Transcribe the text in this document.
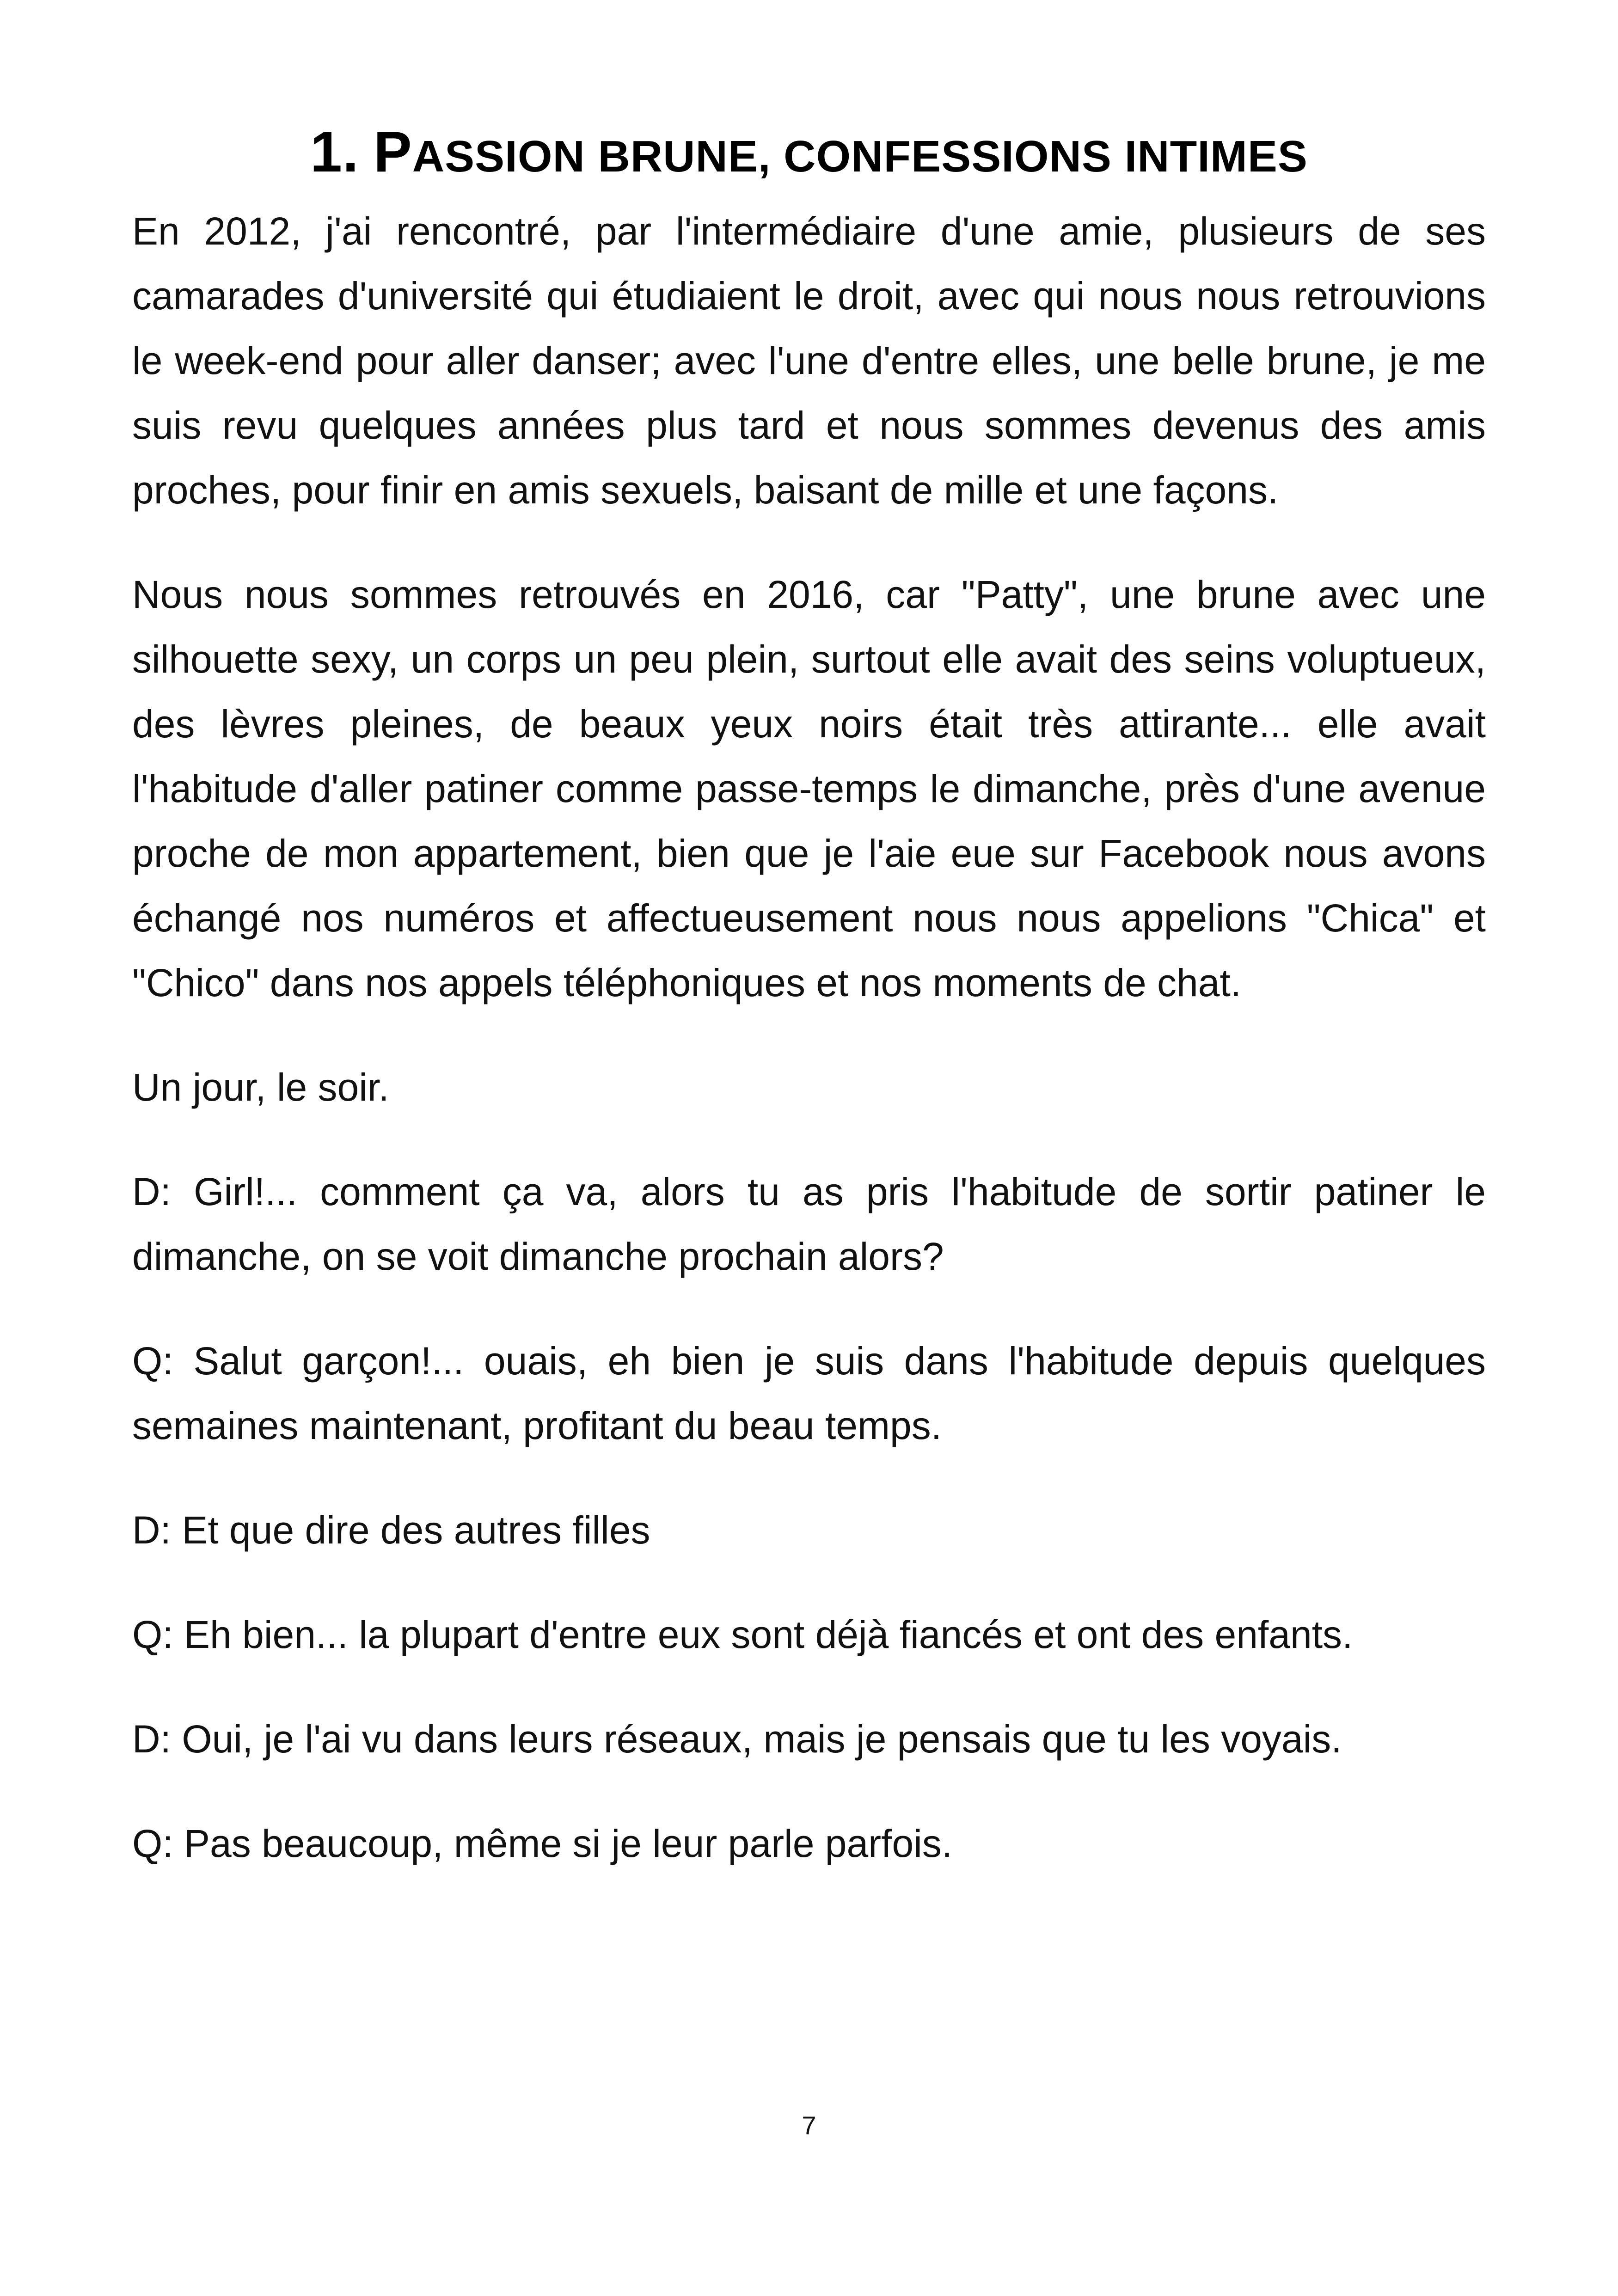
1. PASSION BRUNE, CONFESSIONS INTIMES

En 2012, j'ai rencontré, par l'intermédiaire d'une amie, plusieurs de ses camarades d'université qui étudiaient le droit, avec qui nous nous retrouvions le week-end pour aller danser; avec l'une d'entre elles, une belle brune, je me suis revu quelques années plus tard et nous sommes devenus des amis proches, pour finir en amis sexuels, baisant de mille et une façons.

Nous nous sommes retrouvés en 2016, car "Patty", une brune avec une silhouette sexy, un corps un peu plein, surtout elle avait des seins voluptueux, des lèvres pleines, de beaux yeux noirs était très attirante... elle avait l'habitude d'aller patiner comme passe-temps le dimanche, près d'une avenue proche de mon appartement, bien que je l'aie eue sur Facebook nous avons échangé nos numéros et affectueusement nous nous appelions "Chica" et "Chico" dans nos appels téléphoniques et nos moments de chat.

Un jour, le soir.

D: Girl!... comment ça va, alors tu as pris l'habitude de sortir patiner le dimanche, on se voit dimanche prochain alors?

Q: Salut garçon!... ouais, eh bien je suis dans l'habitude depuis quelques semaines maintenant, profitant du beau temps.

D: Et que dire des autres filles

Q: Eh bien... la plupart d'entre eux sont déjà fiancés et ont des enfants.

D: Oui, je l'ai vu dans leurs réseaux, mais je pensais que tu les voyais.

Q: Pas beaucoup, même si je leur parle parfois.

7
